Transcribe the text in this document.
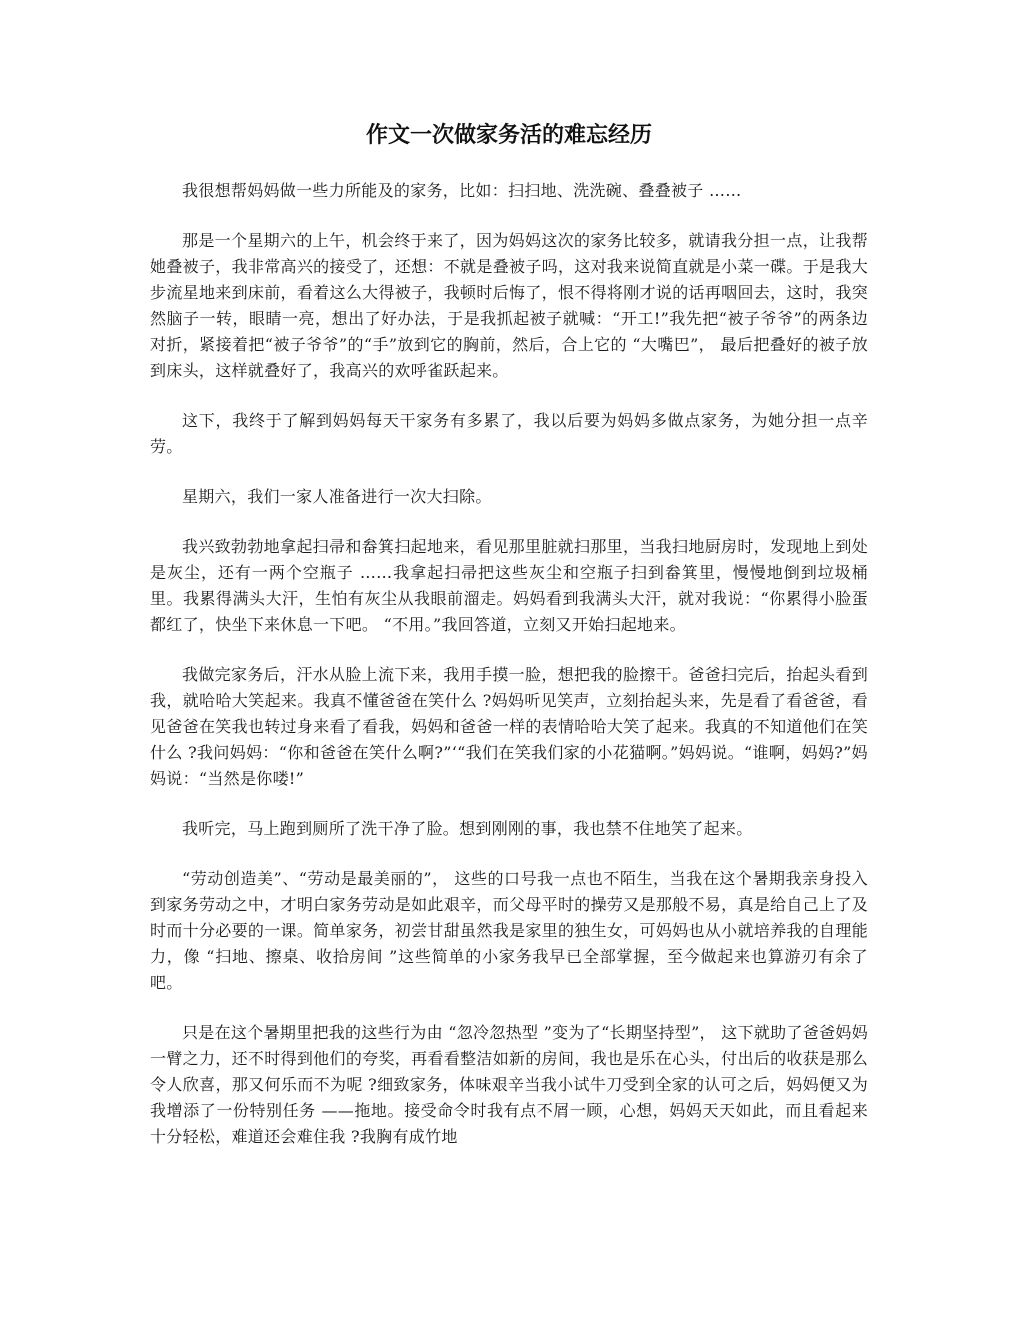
作文一次做家务活的难忘经历

我很想帮妈妈做一些力所能及的家务，比如：扫扫地、洗洗碗、叠叠被子 ……

那是一个星期六的上午，机会终于来了，因为妈妈这次的家务比较多，就请我分担一点，让我帮她叠被子，我非常高兴的接受了，还想：不就是叠被子吗，这对我来说简直就是小菜一碟。于是我大步流星地来到床前，看着这么大得被子，我顿时后悔了，恨不得将刚才说的话再咽回去，这时，我突然脑子一转，眼睛一亮，想出了好办法，于是我抓起被子就喊：“开工!”我先把“被子爷爷”的两条边对折，紧接着把“被子爷爷”的“手”放到它的胸前，然后，合上它的 “大嘴巴”， 最后把叠好的被子放到床头，这样就叠好了，我高兴的欢呼雀跃起来。

这下，我终于了解到妈妈每天干家务有多累了，我以后要为妈妈多做点家务，为她分担一点辛劳。

星期六，我们一家人准备进行一次大扫除。

我兴致勃勃地拿起扫帚和畚箕扫起地来，看见那里脏就扫那里，当我扫地厨房时，发现地上到处是灰尘，还有一两个空瓶子 ……我拿起扫帚把这些灰尘和空瓶子扫到畚箕里，慢慢地倒到垃圾桶里。我累得满头大汗，生怕有灰尘从我眼前溜走。妈妈看到我满头大汗，就对我说：“你累得小脸蛋都红了，快坐下来休息一下吧。 “不用。”我回答道，立刻又开始扫起地来。

我做完家务后，汗水从脸上流下来，我用手摸一脸，想把我的脸擦干。爸爸扫完后，抬起头看到我，就哈哈大笑起来。我真不懂爸爸在笑什么 ?妈妈听见笑声，立刻抬起头来，先是看了看爸爸，看见爸爸在笑我也转过身来看了看我，妈妈和爸爸一样的表情哈哈大笑了起来。我真的不知道他们在笑什么 ?我问妈妈：“你和爸爸在笑什么啊?”‘“我们在笑我们家的小花猫啊。”妈妈说。“谁啊，妈妈?”妈妈说：“当然是你喽!”

我听完，马上跑到厕所了洗干净了脸。想到刚刚的事，我也禁不住地笑了起来。

“劳动创造美”、“劳动是最美丽的”， 这些的口号我一点也不陌生，当我在这个暑期我亲身投入到家务劳动之中，才明白家务劳动是如此艰辛，而父母平时的操劳又是那般不易，真是给自己上了及时而十分必要的一课。简单家务，初尝甘甜虽然我是家里的独生女，可妈妈也从小就培养我的自理能力，像 “扫地、擦桌、收拾房间 ”这些简单的小家务我早已全部掌握，至今做起来也算游刃有余了吧。

只是在这个暑期里把我的这些行为由 “忽冷忽热型 ”变为了“长期坚持型”， 这下就助了爸爸妈妈一臂之力，还不时得到他们的夸奖，再看看整洁如新的房间，我也是乐在心头，付出后的收获是那么令人欣喜，那又何乐而不为呢 ?细致家务，体味艰辛当我小试牛刀受到全家的认可之后，妈妈便又为我增添了一份特别任务 ——拖地。接受命令时我有点不屑一顾，心想，妈妈天天如此，而且看起来十分轻松，难道还会难住我 ?我胸有成竹地
